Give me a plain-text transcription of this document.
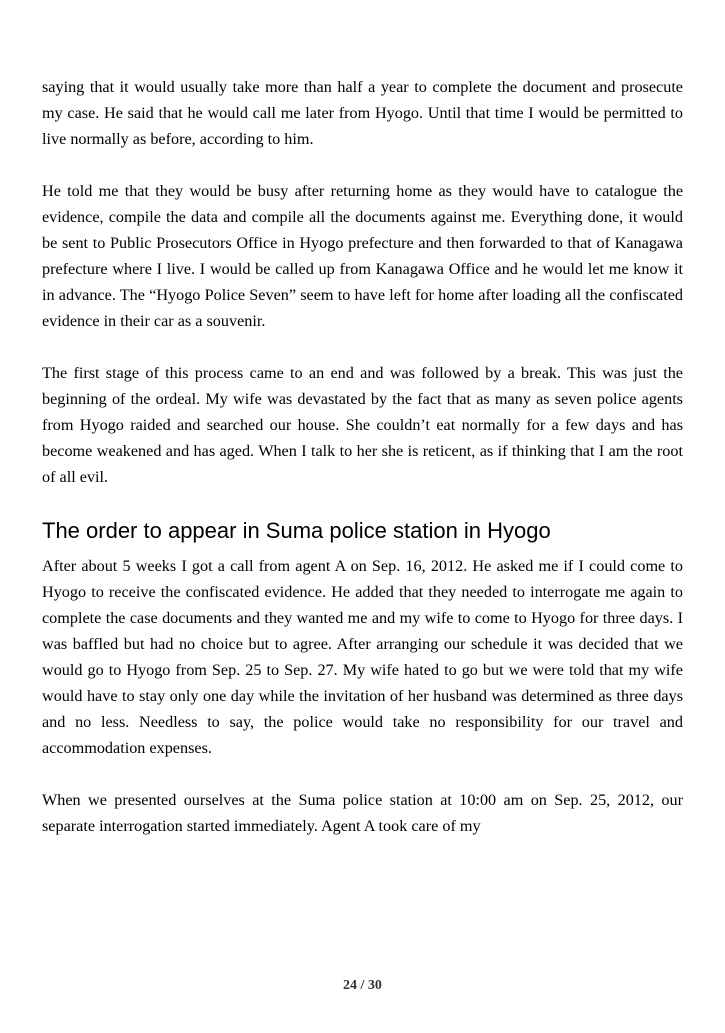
saying that it would usually take more than half a year to complete the document and prosecute my case. He said that he would call me later from Hyogo. Until that time I would be permitted to live normally as before, according to him.

He told me that they would be busy after returning home as they would have to catalogue the evidence, compile the data and compile all the documents against me. Everything done, it would be sent to Public Prosecutors Office in Hyogo prefecture and then forwarded to that of Kanagawa prefecture where I live. I would be called up from Kanagawa Office and he would let me know it in advance. The “Hyogo Police Seven” seem to have left for home after loading all the confiscated evidence in their car as a souvenir.

The first stage of this process came to an end and was followed by a break. This was just the beginning of the ordeal. My wife was devastated by the fact that as many as seven police agents from Hyogo raided and searched our house. She couldn’t eat normally for a few days and has become weakened and has aged. When I talk to her she is reticent, as if thinking that I am the root of all evil.

The order to appear in Suma police station in Hyogo

After about 5 weeks I got a call from agent A on Sep. 16, 2012. He asked me if I could come to Hyogo to receive the confiscated evidence. He added that they needed to interrogate me again to complete the case documents and they wanted me and my wife to come to Hyogo for three days. I was baffled but had no choice but to agree. After arranging our schedule it was decided that we would go to Hyogo from Sep. 25 to Sep. 27. My wife hated to go but we were told that my wife would have to stay only one day while the invitation of her husband was determined as three days and no less. Needless to say, the police would take no responsibility for our travel and accommodation expenses.

When we presented ourselves at the Suma police station at 10:00 am on Sep. 25, 2012, our separate interrogation started immediately. Agent A took care of my

24 / 30
